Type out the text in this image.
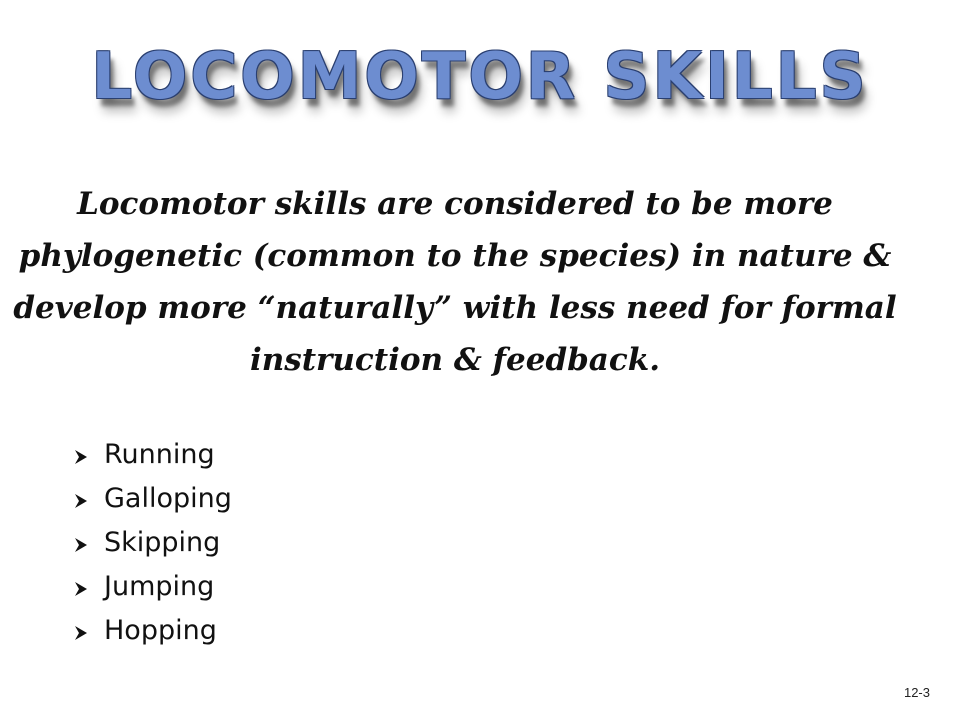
LOCOMOTOR SKILLS
Locomotor skills are considered to be more phylogenetic (common to the species) in nature & develop more “naturally” with less need for formal instruction & feedback.
Running
Galloping
Skipping
Jumping
Hopping
12-3
